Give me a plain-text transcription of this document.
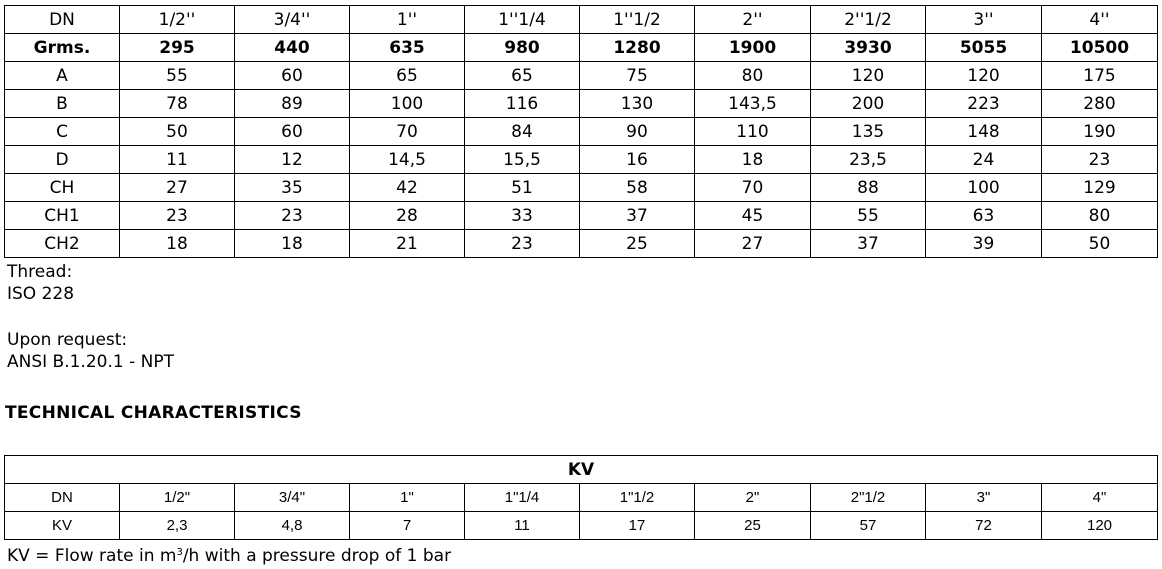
DN	1/2''	3/4''	1''	1''1/4	1''1/2	2''	2''1/2	3''	4''
Grms.	295	440	635	980	1280	1900	3930	5055	10500
A	55	60	65	65	75	80	120	120	175
B	78	89	100	116	130	143,5	200	223	280
C	50	60	70	84	90	110	135	148	190
D	11	12	14,5	15,5	16	18	23,5	24	23
CH	27	35	42	51	58	70	88	100	129
CH1	23	23	28	33	37	45	55	63	80
CH2	18	18	21	23	25	27	37	39	50
Thread:
ISO 228
Upon request:
ANSI B.1.20.1 - NPT
TECHNICAL CHARACTERISTICS
KV									
DN	1/2"	3/4"	1"	1"1/4	1"1/2	2"	2"1/2	3"	4"
KV	2,3	4,8	7	11	17	25	57	72	120
KV = Flow rate in $m^3/h$ with a pressure drop of 1 bar
